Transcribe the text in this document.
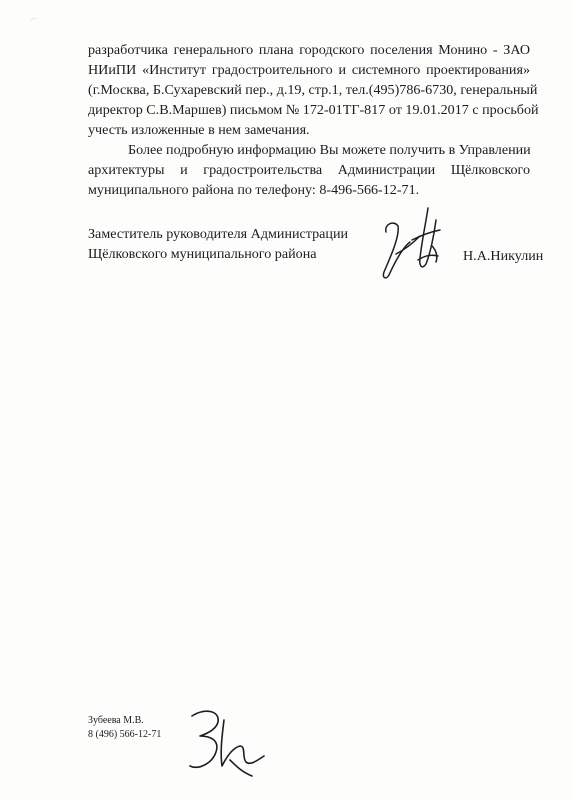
.-·
разработчика генерального плана городского поселения Монино - ЗАО
НИиПИ «Институт градостроительного и системного проектирования»
(г.Москва, Б.Сухаревский пер., д.19, стр.1, тел.(495)786-6730, генеральный
директор С.В.Маршев) письмом № 172-01ТГ-817 от 19.01.2017 с просьбой
учесть изложенные в нем замечания.
Более подробную информацию Вы можете получить в Управлении
архитектуры и градостроительства Администрации Щёлковского
муниципального района по телефону: 8-496-566-12-71.
Заместитель руководителя Администрации
Щёлковского муниципального района	Н.А.Никулин
Зубеева М.В.
8 (496) 566-12-71
